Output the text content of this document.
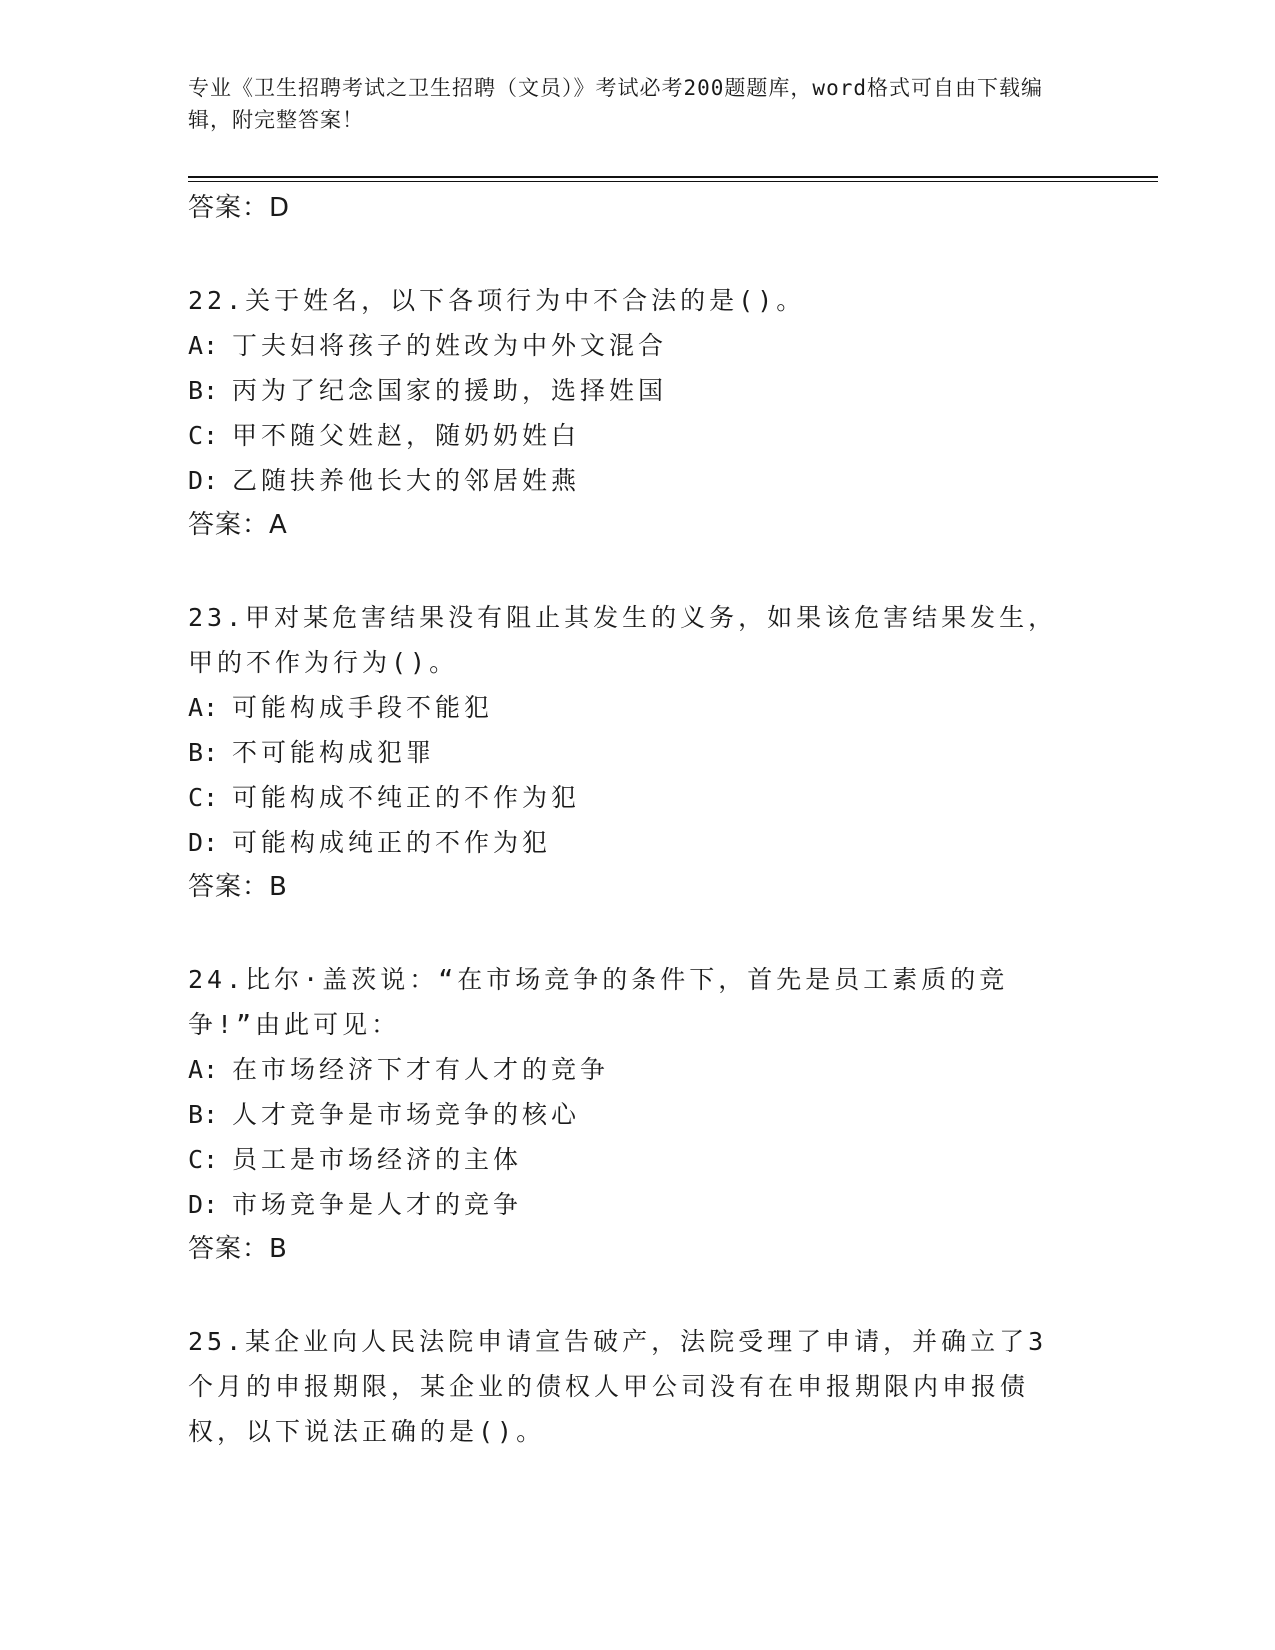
专业《卫生招聘考试之卫生招聘（文员）》考试必考200题题库，word格式可自由下载编辑，附完整答案！

答案：D

22.关于姓名，以下各项行为中不合法的是()。

A: 丁夫妇将孩子的姓改为中外文混合
B: 丙为了纪念国家的援助，选择姓国
C: 甲不随父姓赵，随奶奶姓白
D: 乙随扶养他长大的邻居姓燕

答案：A

23.甲对某危害结果没有阻止其发生的义务，如果该危害结果发生，甲的不作为行为()。

A: 可能构成手段不能犯
B: 不可能构成犯罪
C: 可能构成不纯正的不作为犯
D: 可能构成纯正的不作为犯

答案：B

24.比尔·盖茨说：“在市场竞争的条件下，首先是员工素质的竞争!”由此可见：

A: 在市场经济下才有人才的竞争
B: 人才竞争是市场竞争的核心
C: 员工是市场经济的主体
D: 市场竞争是人才的竞争

答案：B

25.某企业向人民法院申请宣告破产，法院受理了申请，并确立了3个月的申报期限，某企业的债权人甲公司没有在申报期限内申报债权，以下说法正确的是()。
